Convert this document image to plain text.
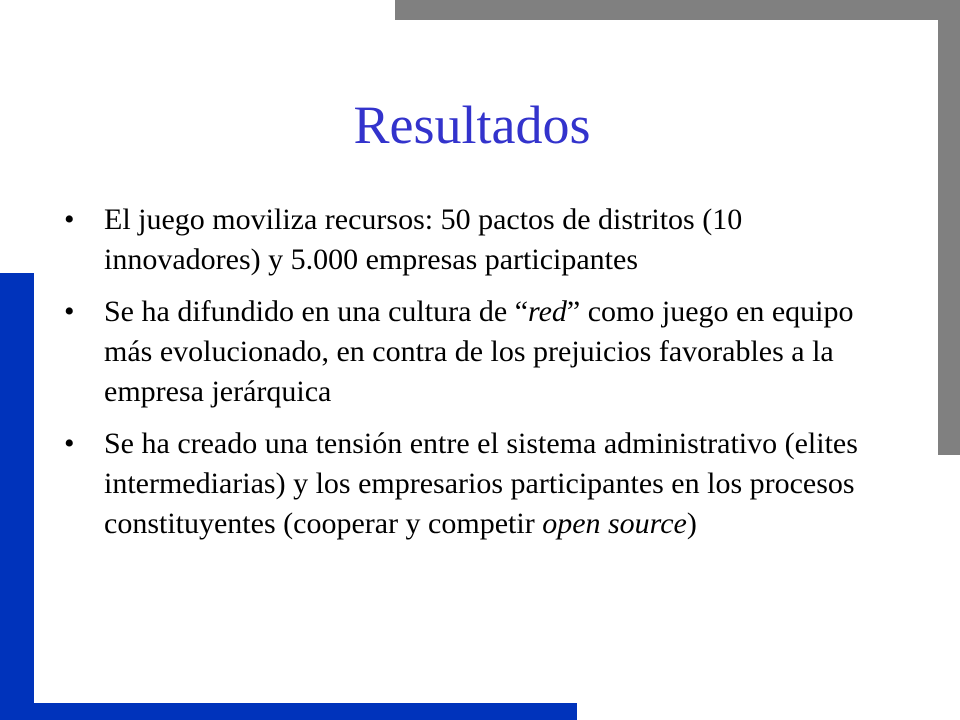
Resultados
• El juego moviliza recursos: 50 pactos de distritos (10 innovadores) y 5.000 empresas participantes
• Se ha difundido en una cultura de “red” como juego en equipo más evolucionado, en contra de los prejuicios favorables a la empresa jerárquica
• Se ha creado una tensión entre el sistema administrativo (elites intermediarias) y los empresarios participantes en los procesos constituyentes (cooperar y competir open source)
